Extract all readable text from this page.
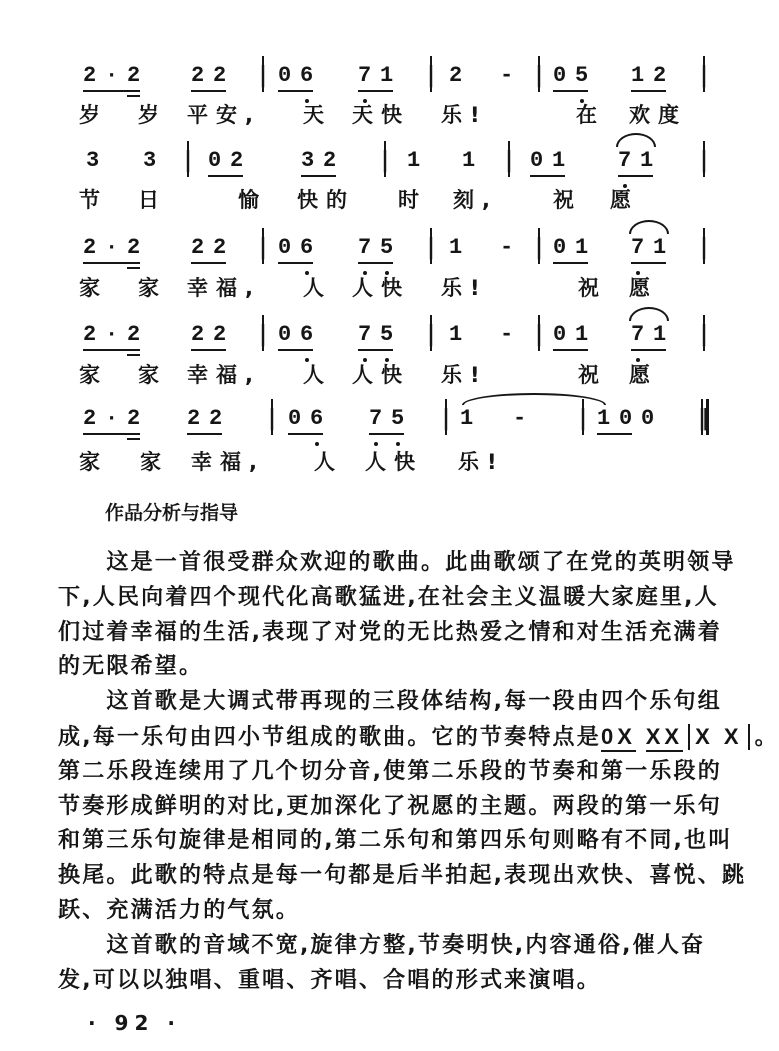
2·2 22 | 06 71 | 2 - | 05 12 |
岁 岁 平安, 天 天快 乐!	在 欢度
3 3 | 02 32 | 1 1 | 01 71 |
节 日	愉 快的 时 刻,	祝 愿
2·2 22 | 06 75 | 1 - | 01 71 |
家 家 幸福, 人 人快 乐!	祝 愿
2·2 22 | 06 75 | 1 - | 01 71 |
家 家 幸福, 人 人快 乐!	祝 愿
2·2 22 | 06 75 | 1 - | 100 ‖
家 家 幸福, 人 人快 乐!
作品分析与指导
　　这是一首很受群众欢迎的歌曲。此曲歌颂了在党的英明领导
下,人民向着四个现代化高歌猛进,在社会主义温暖大家庭里,人
们过着幸福的生活,表现了对党的无比热爱之情和对生活充满着
的无限希望。
　　这首歌是大调式带再现的三段体结构,每一段由四个乐句组
成,每一乐句由四小节组成的歌曲。它的节奏特点是0X XX X X 。
第二乐段连续用了几个切分音,使第二乐段的节奏和第一乐段的
节奏形成鲜明的对比,更加深化了祝愿的主题。两段的第一乐句
和第三乐句旋律是相同的,第二乐句和第四乐句则略有不同,也叫
换尾。此歌的特点是每一句都是后半拍起,表现出欢快、喜悦、跳
跃、充满活力的气氛。
　　这首歌的音域不宽,旋律方整,节奏明快,内容通俗,催人奋
发,可以以独唱、重唱、齐唱、合唱的形式来演唱。
· 92 ·
